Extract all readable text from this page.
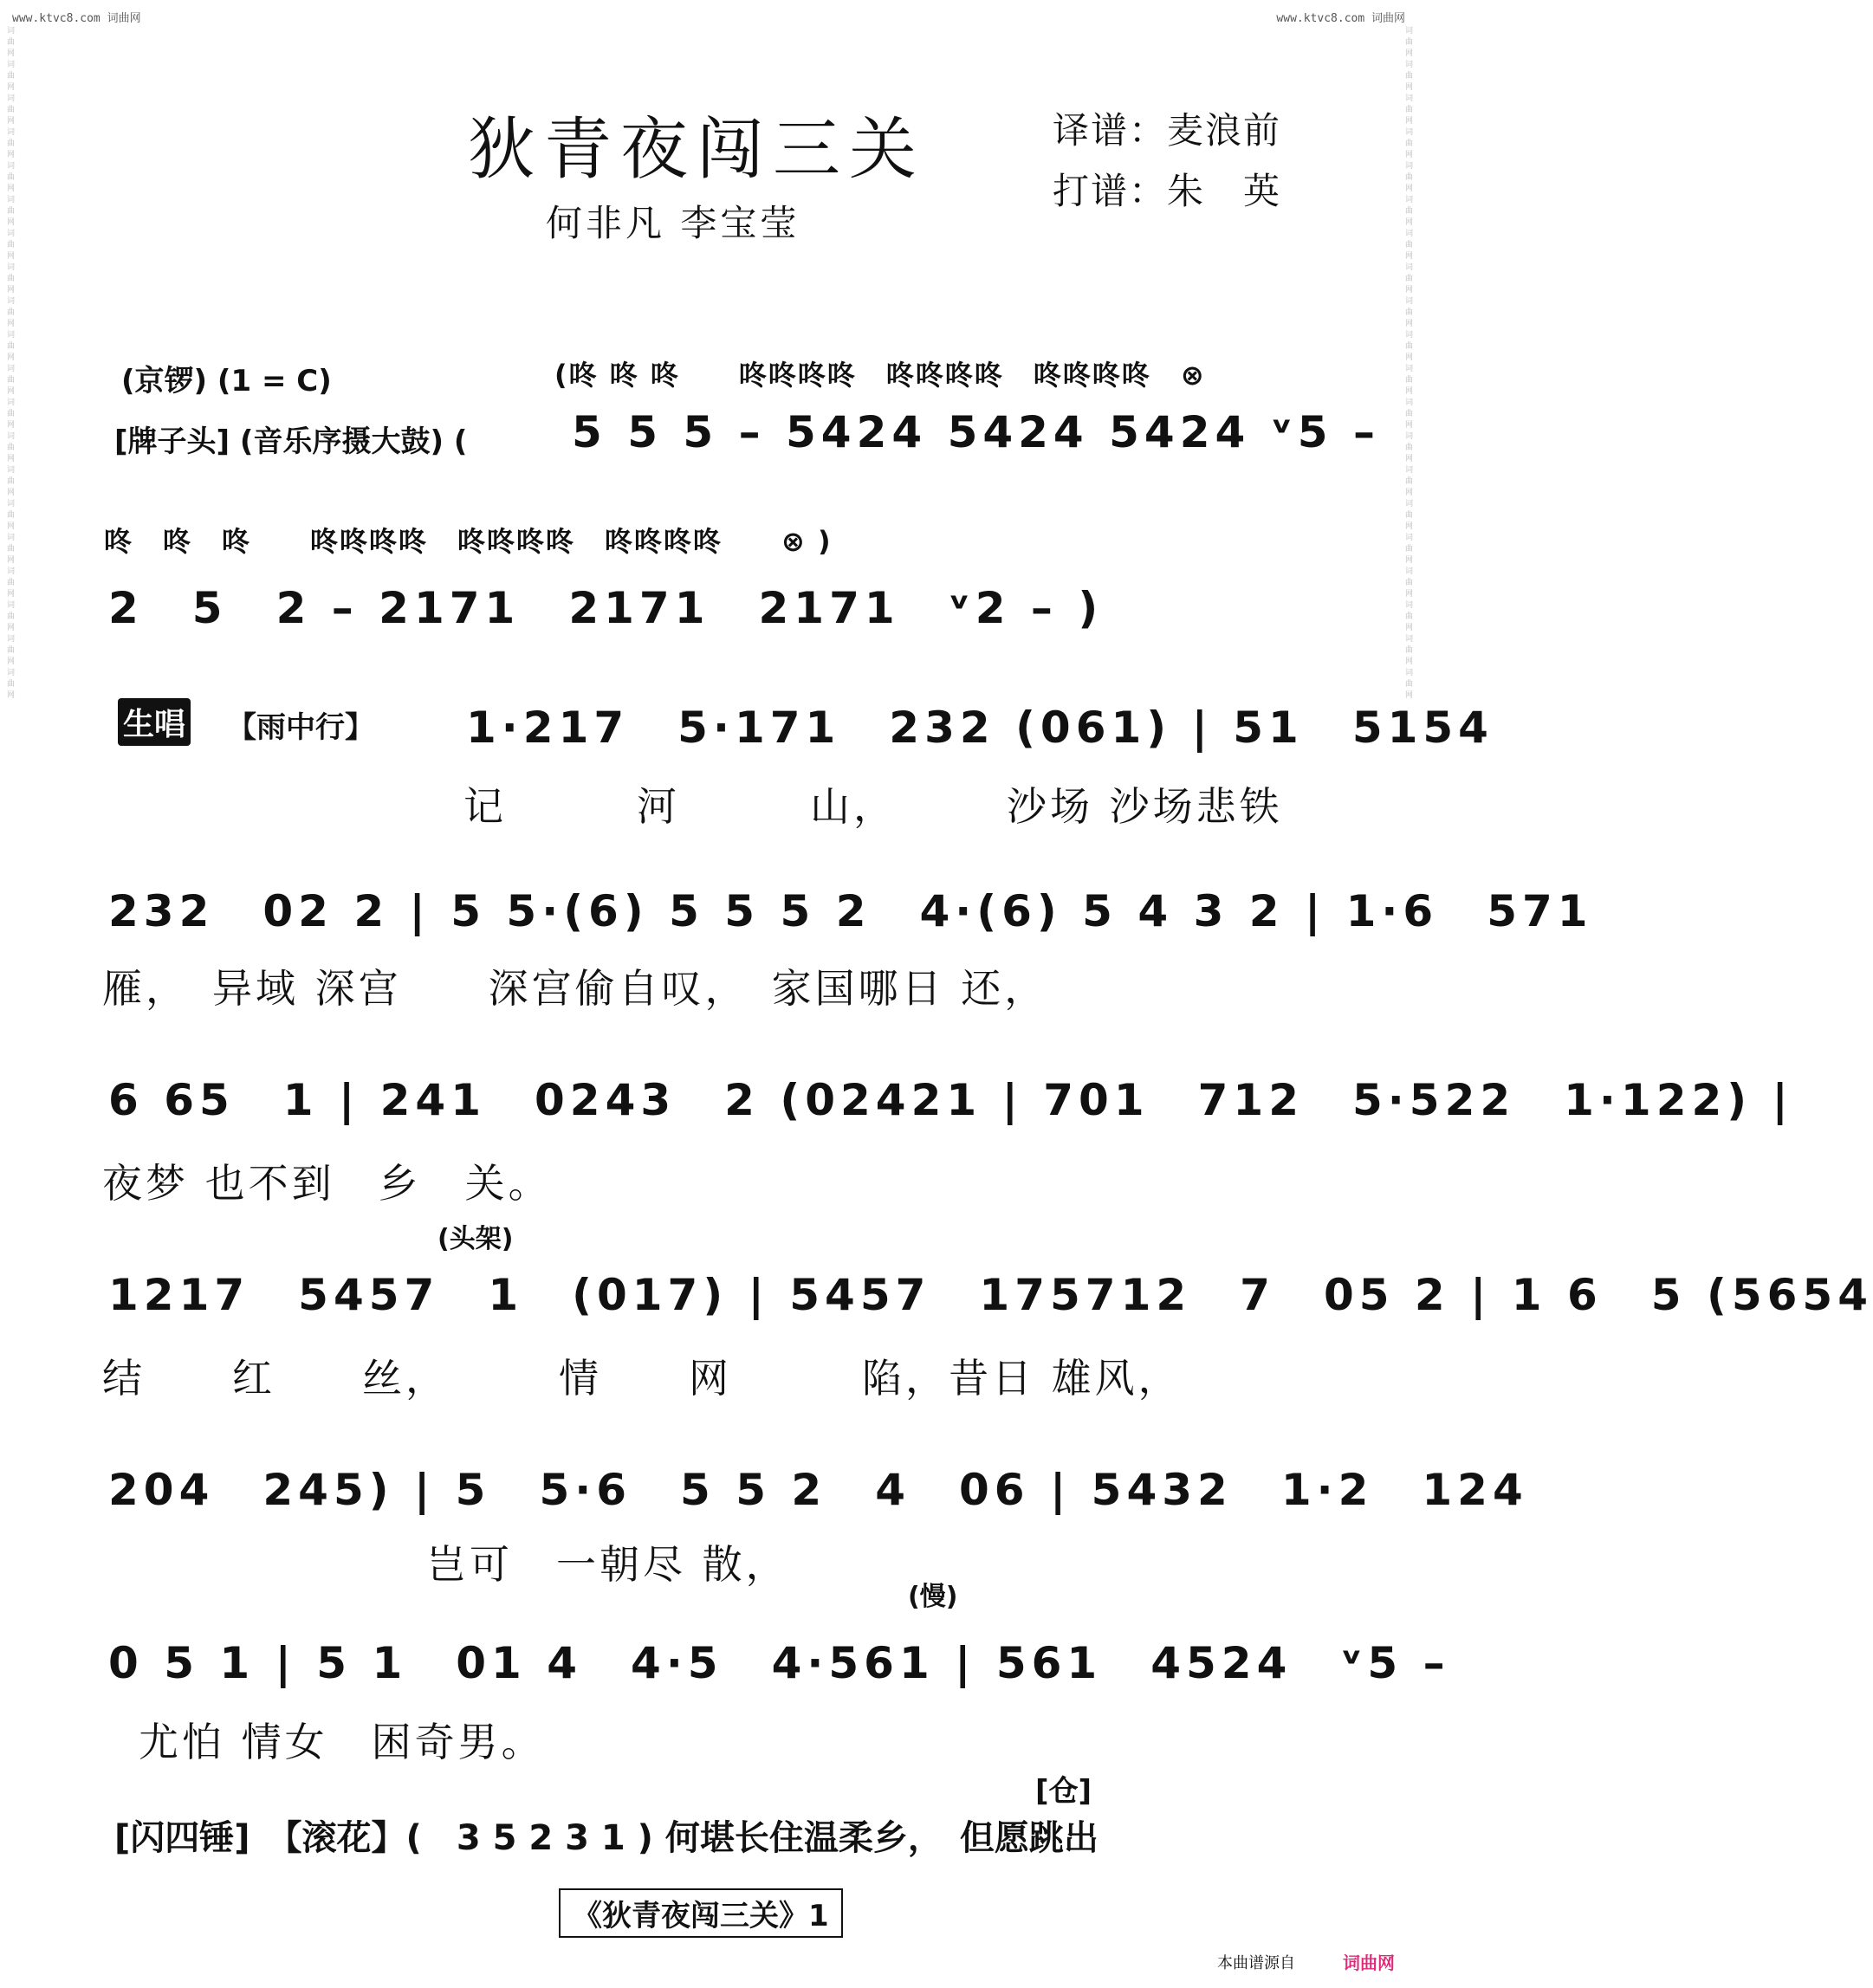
www.ktvc8.com 词曲网	www.ktvc8.com 词曲网
词曲网词曲网词曲网词曲网词曲网词曲网词曲网词曲网词曲网词曲网词曲网词曲网词曲网词曲网词曲网词曲网词曲网词曲网词曲网词曲网	词曲网词曲网词曲网词曲网词曲网词曲网词曲网词曲网词曲网词曲网词曲网词曲网词曲网词曲网词曲网词曲网词曲网词曲网词曲网词曲网
狄青夜闯三关
何非凡 李宝莹
译谱：麦浪前
打谱：朱　英
(京锣) (1 = C)	(咚 咚 咚　　咚咚咚咚　咚咚咚咚　咚咚咚咚　⊗
[牌子头] (音乐序摄大鼓) ( 5 5 5 – 5424 5424 5424 ᵛ5 –
咚　咚　咚　　咚咚咚咚　咚咚咚咚　咚咚咚咚　　⊗ )
2　5　2 – 2171　2171　2171　ᵛ2 – )
生唱 【雨中行】 1·217　5·171　232 (061) | 51　5154
记　　　河　　　山，　　　沙场 沙场悲铁
232　02 2 | 5 5·(6) 5 5 5 2　4·(6) 5 4 3 2 | 1·6　571
雁，　异域 深宫　　深宫偷自叹，　家国哪日 还，
6 65　1 | 241　0243　2 (02421 | 701　712　5·522　1·122) |
夜梦 也不到　乡　关。
(头架)
1217　5457　1　(017) | 5457　175712　7　05 2 | 1 6　5 (5654
结　　红　　丝，　　　情　　网　　　陷，昔日 雄风，
204　245) | 5　5·6　5 5 2　4　06 | 5432　1·2　124
岂可　一朝尽 散，
(慢)
0 5 1 | 5 1　01 4　4·5　4·561 | 561　4524　ᵛ5 –
尤怕 情女　困奇男。
[仓]
[闪四锤]　【滚花】(　3 5 2 3 1 ) 何堪长住温柔乡，　但愿跳出
《狄青夜闯三关》1
本曲谱源自	词曲网
